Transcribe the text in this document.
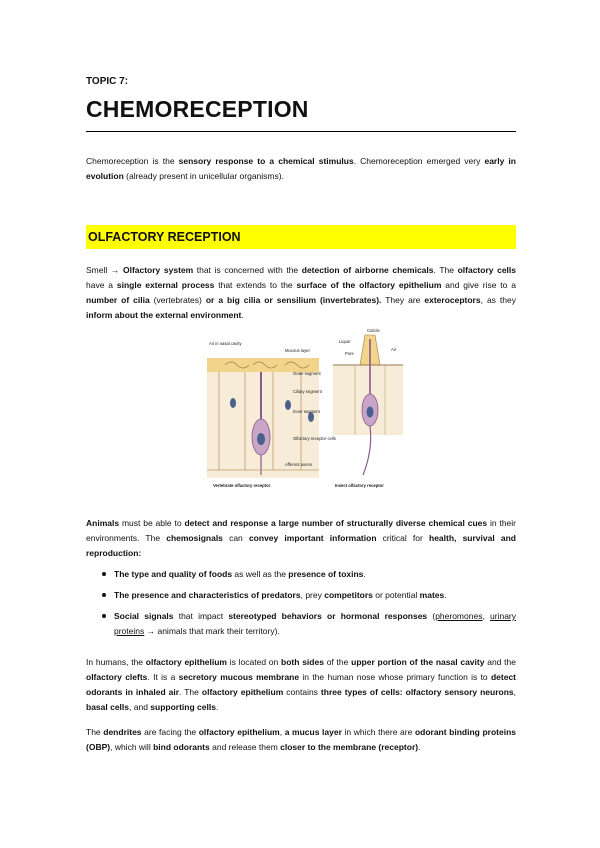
TOPIC 7:
CHEMORECEPTION
Chemoreception is the sensory response to a chemical stimulus. Chemoreception emerged very early in evolution (already present in unicellular organisms).
OLFACTORY RECEPTION
Smell → Olfactory system that is concerned with the detection of airborne chemicals. The olfactory cells have a single external process that extends to the surface of the olfactory epithelium and give rise to a number of cilia (vertebrates) or a big cilia or sensilium (invertebrates). They are exteroceptors, as they inform about the external environment.
Air in nasal cavity
Mucous layer
Outer segment
Ciliary segment
Inner segment
Olfactory receptor cells
Afferent axons
Vertebrate olfactory receptor
Cuticle
Liquor
Pore
Air
Insect olfactory receptor
Animals must be able to detect and response a large number of structurally diverse chemical cues in their environments. The chemosignals can convey important information critical for health, survival and reproduction:
The type and quality of foods as well as the presence of toxins.
The presence and characteristics of predators, prey competitors or potential mates.
Social signals that impact stereotyped behaviors or hormonal responses (pheromones, urinary proteins → animals that mark their territory).
In humans, the olfactory epithelium is located on both sides of the upper portion of the nasal cavity and the olfactory clefts. It is a secretory mucous membrane in the human nose whose primary function is to detect odorants in inhaled air. The olfactory epithelium contains three types of cells: olfactory sensory neurons, basal cells, and supporting cells.
The dendrites are facing the olfactory epithelium, a mucus layer in which there are odorant binding proteins (OBP), which will bind odorants and release them closer to the membrane (receptor).
